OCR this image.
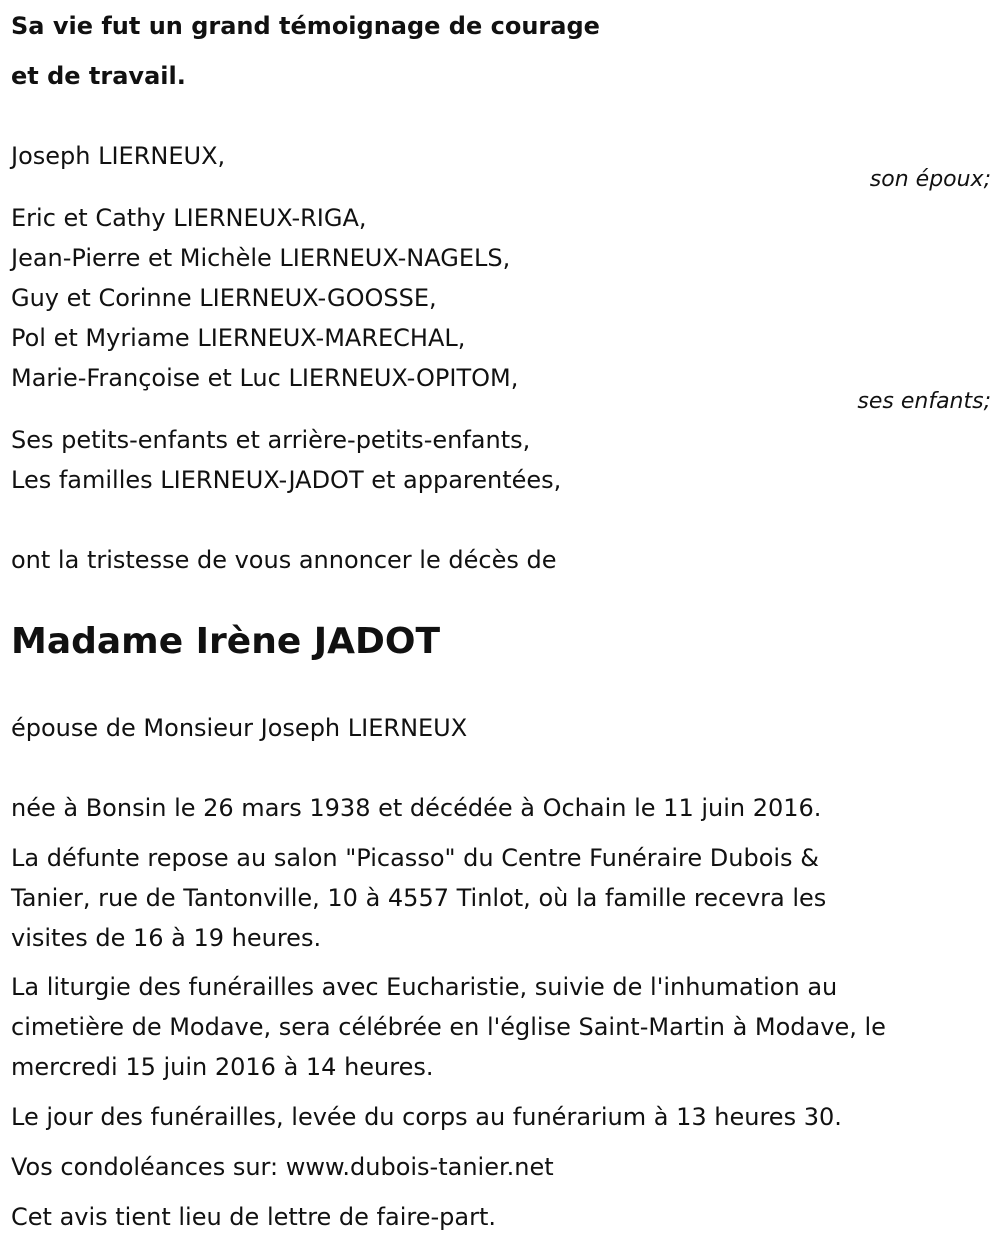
Sa vie fut un grand témoignage de courage
et de travail.
Joseph LIERNEUX,
son époux;
Eric et Cathy LIERNEUX-RIGA,
Jean-Pierre et Michèle LIERNEUX-NAGELS,
Guy et Corinne LIERNEUX-GOOSSE,
Pol et Myriame LIERNEUX-MARECHAL,
Marie-Françoise et Luc LIERNEUX-OPITOM,
ses enfants;
Ses petits-enfants et arrière-petits-enfants,
Les familles LIERNEUX-JADOT et apparentées,
ont la tristesse de vous annoncer le décès de
Madame Irène JADOT
épouse de Monsieur Joseph LIERNEUX
née à Bonsin le 26 mars 1938 et décédée à Ochain le 11 juin 2016.
La défunte repose au salon "Picasso" du Centre Funéraire Dubois &
Tanier, rue de Tantonville, 10 à 4557 Tinlot, où la famille recevra les
visites de 16 à 19 heures.
La liturgie des funérailles avec Eucharistie, suivie de l'inhumation au
cimetière de Modave, sera célébrée en l'église Saint-Martin à Modave, le
mercredi 15 juin 2016 à 14 heures.
Le jour des funérailles, levée du corps au funérarium à 13 heures 30.
Vos condoléances sur: www.dubois-tanier.net
Cet avis tient lieu de lettre de faire-part.
